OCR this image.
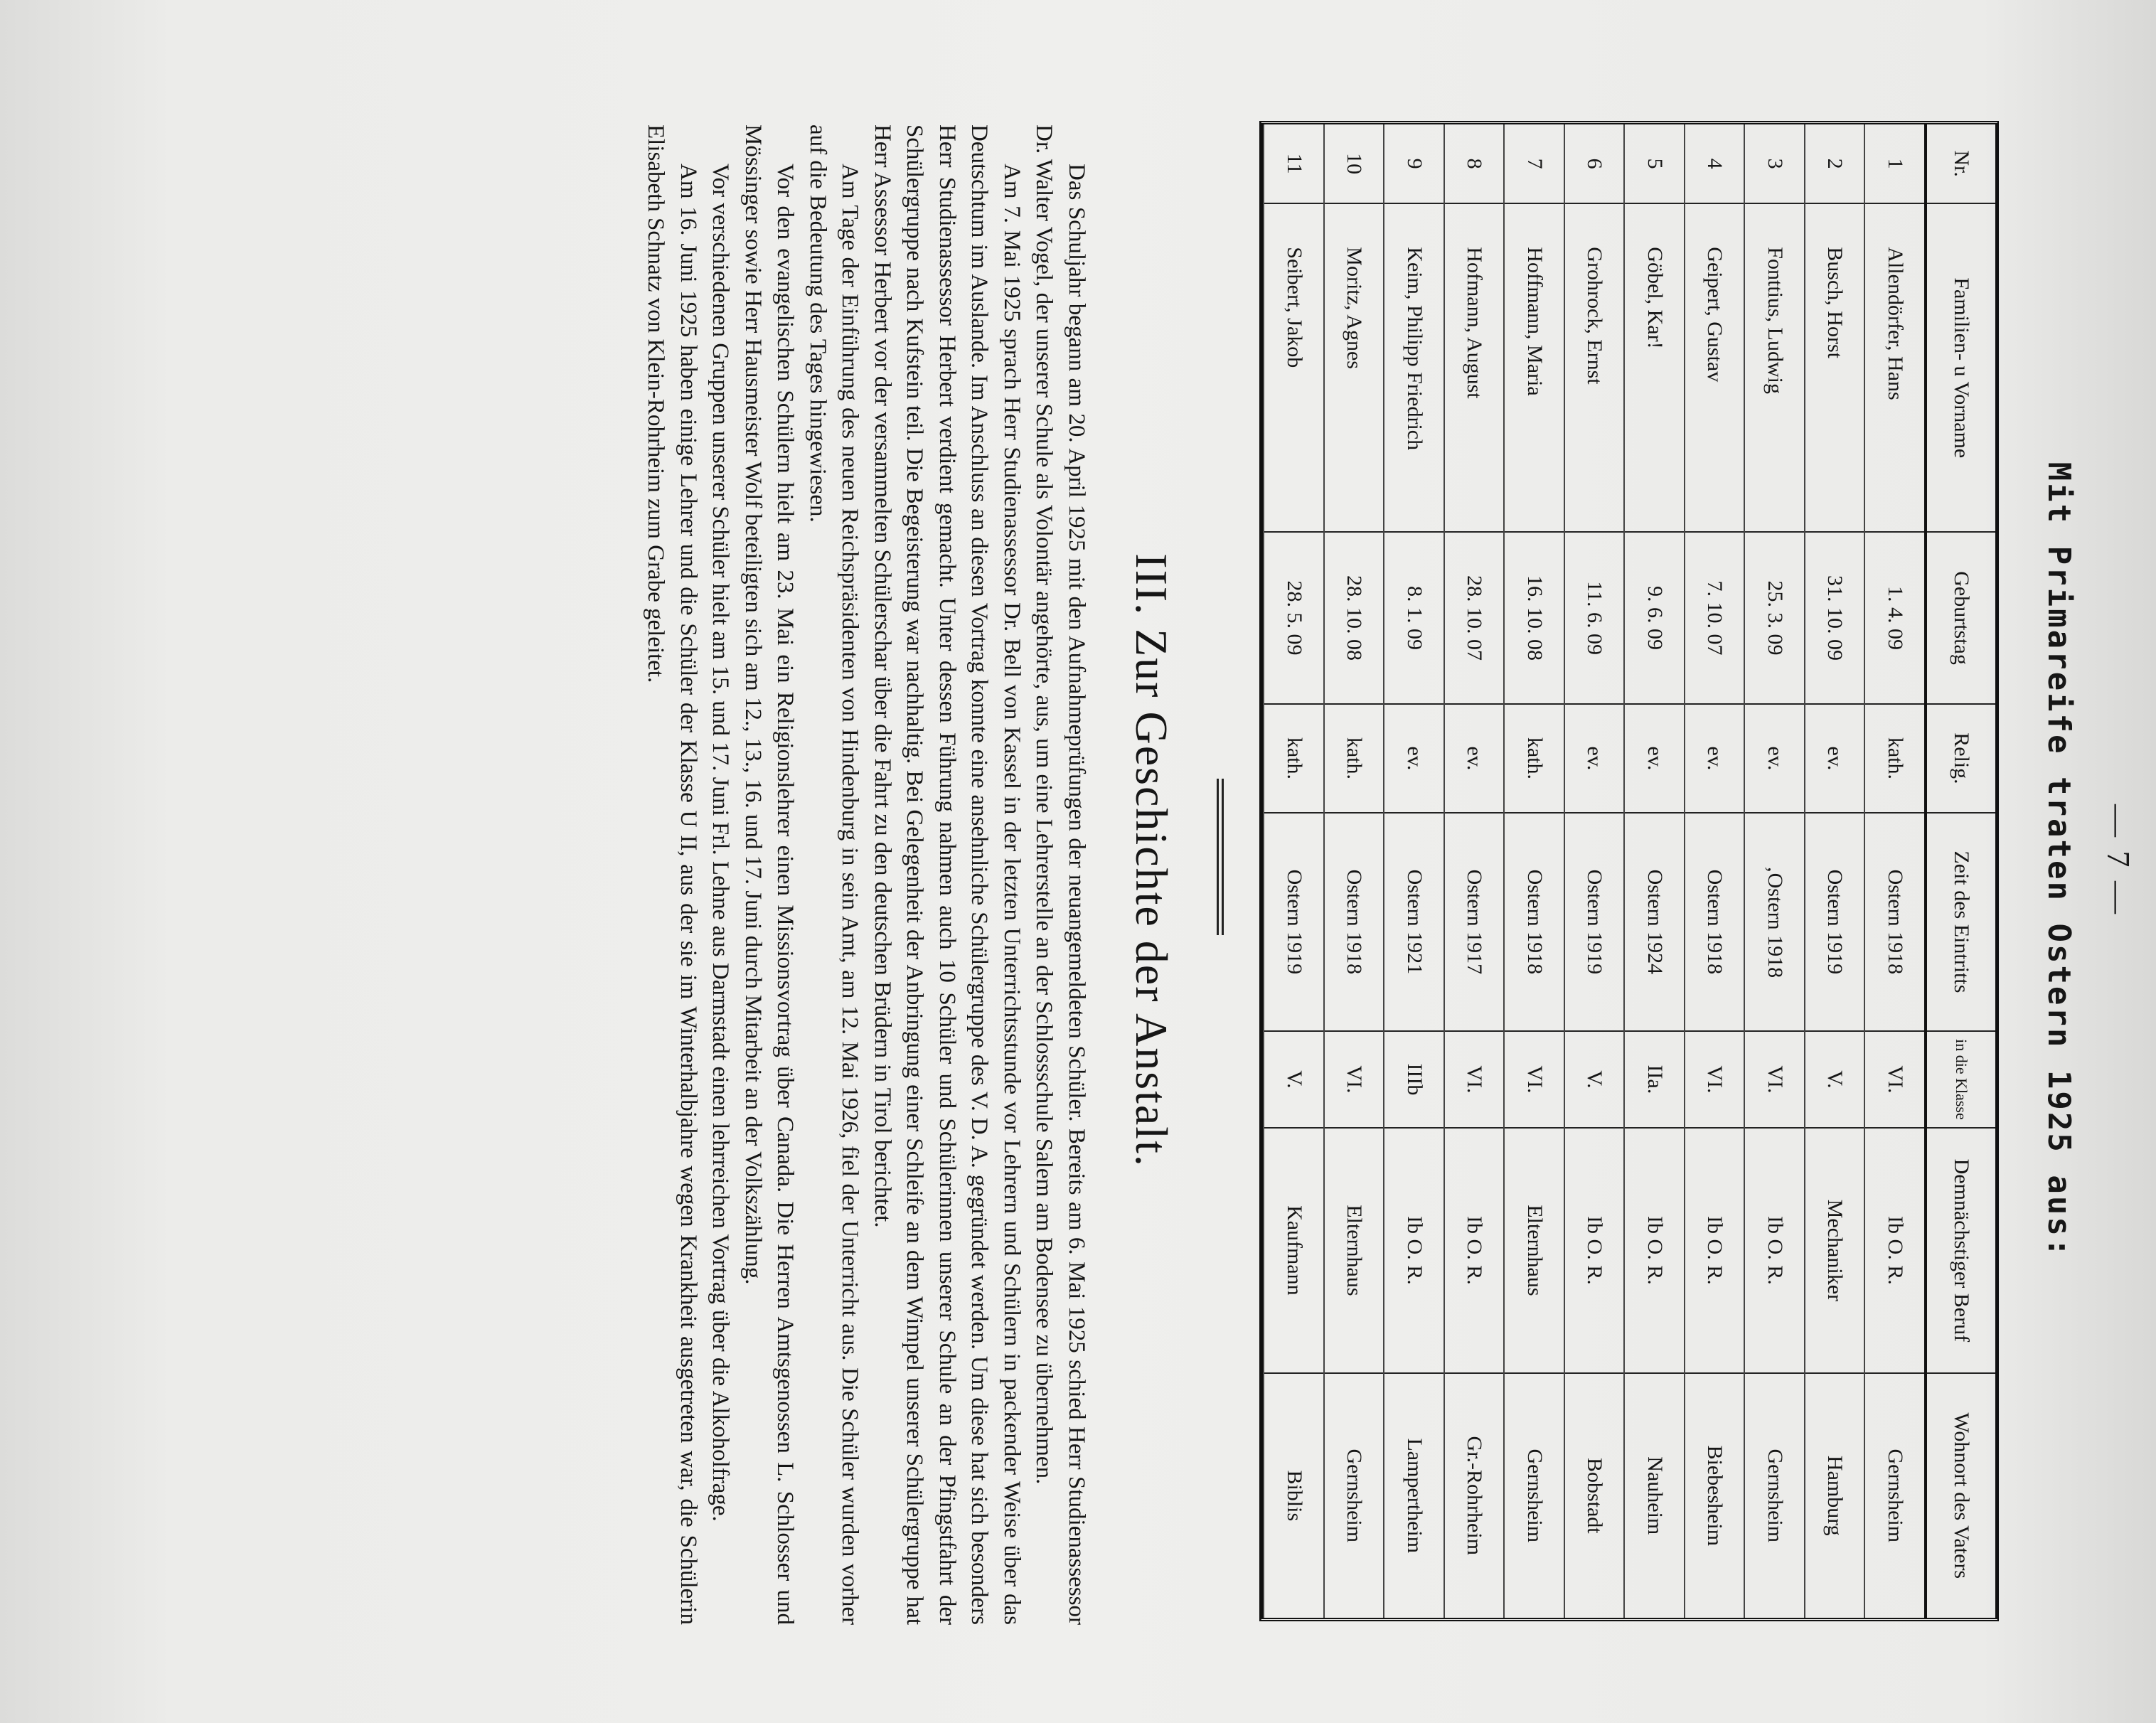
— 7 —
Mit Primareife traten Ostern 1925 aus:
Nr.	Familien- u Vorname	Geburtstag	Relig.	Zeit des Eintritts	in die Klasse	Demnächstiger Beruf	Wohnort des Vaters
1	Allendörfer, Hans	1. 4. 09	kath.	Ostern 1918	VI.	Ib O. R.	Gernsheim
2	Busch, Horst	31. 10. 09	ev.	Ostern 1919	V.	Mechaniker	Hamburg
3	Fonttius, Ludwig	25. 3. 09	ev.	‚Ostern 1918	VI.	Ib O. R.	Gernsheim
4	Geipert, Gustav	7. 10. 07	ev.	Ostern 1918	VI.	Ib O. R.	Biebesheim
5	Göbel, Kar!	9. 6. 09	ev.	Ostern 1924	IIa.	Ib O. R.	Nauheim
6	Grohrock, Ernst	11. 6. 09	ev.	Ostern 1919	V.	Ib O. R.	Bobstadt
7	Hoffmann, Maria	16. 10. 08	kath.	Ostern 1918	VI.	Elternhaus	Gernsheim
8	Hofmann, August	28. 10. 07	ev.	Ostern 1917	VI.	Ib O. R.	Gr.-Rohrheim
9	Keim, Philipp Friedrich	8. 1. 09	ev.	Ostern 1921	IIIb	Ib O. R.	Lampertheim
10	Moritz, Agnes	28. 10. 08	kath.	Ostern 1918	VI.	Elternhaus	Gernsheim
11	Seibert, Jakob	28. 5. 09	kath.	Ostern 1919	V.	Kaufmann	Biblis
III. Zur Geschichte der Anstalt.

Das Schuljahr begann am 20. April 1925 mit den Aufnahmeprüfungen der neuangemeldeten Schüler. Bereits am 6. Mai 1925 schied Herr Studienassessor Dr. Walter Vogel, der unserer Schule als Volontär angehörte, aus, um eine Lehrerstelle an der Schlossschule Salem am Bodensee zu übernehmen.

Am 7. Mai 1925 sprach Herr Studienassessor Dr. Bell von Kassel in der letzten Unterrichtsstunde vor Lehrern und Schülern in packender Weise über das Deutschtum im Auslande. Im Anschluss an diesen Vortrag konnte eine ansehnliche Schülergruppe des V. D. A. gegründet werden. Um diese hat sich besonders Herr Studienassessor Herbert verdient gemacht. Unter dessen Führung nahmen auch 10 Schüler und Schülerinnen unserer Schule an der Pfingstfahrt der Schülergruppe nach Kufstein teil. Die Begeisterung war nachhaltig. Bei Gelegenheit der Anbringung einer Schleife an dem Wimpel unserer Schülergruppe hat Herr Assessor Herbert vor der versammelten Schülerschar über die Fahrt zu den deutschen Brüdern in Tirol berichtet.

Am Tage der Einführung des neuen Reichspräsidenten von Hindenburg in sein Amt, am 12. Mai 1926, fiel der Unterricht aus. Die Schüler wurden vorher auf die Bedeutung des Tages hingewiesen.

Vor den evangelischen Schülern hielt am 23. Mai ein Religionslehrer einen Missionsvortrag über Canada. Die Herren Amtsgenossen L. Schlosser und Mössinger sowie Herr Hausmeister Wolf beteiligten sich am 12., 13., 16. und 17. Juni durch Mitarbeit an der Volkszählung.

Vor verschiedenen Gruppen unserer Schüler hielt am 15. und 17. Juni Frl. Lehne aus Darmstadt einen lehrreichen Vortrag über die Alkoholfrage.

Am 16. Juni 1925 haben einige Lehrer und die Schüler der Klasse U II, aus der sie im Winterhalbjahre wegen Krankheit ausgetreten war, die Schülerin Elisabeth Schnatz von Klein-Rohrheim zum Grabe geleitet.
